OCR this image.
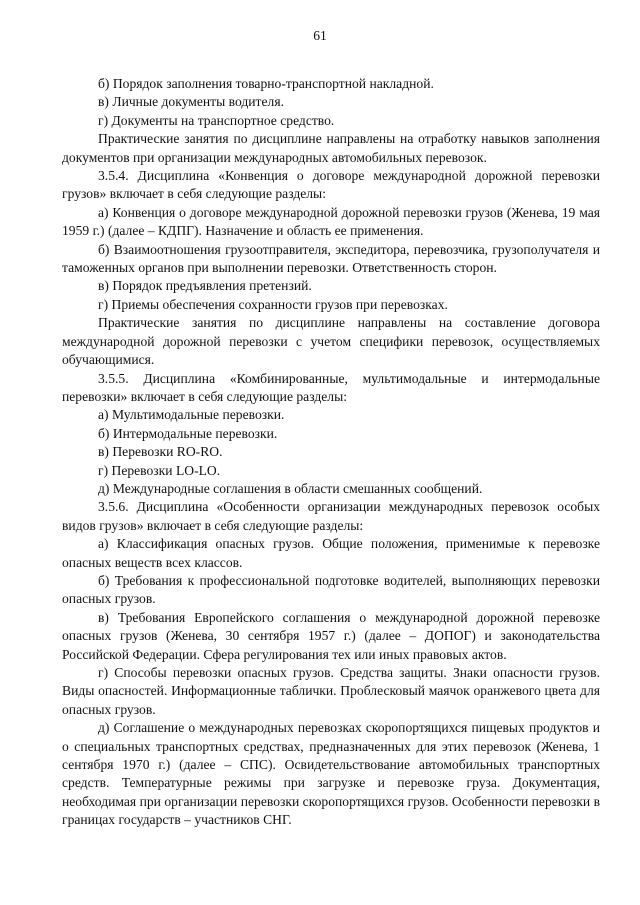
61

б) Порядок заполнения товарно-транспортной накладной.

в) Личные документы водителя.

г) Документы на транспортное средство.

Практические занятия по дисциплине направлены на отработку навыков заполнения документов при организации международных автомобильных перевозок.

3.5.4. Дисциплина «Конвенция о договоре международной дорожной перевозки грузов» включает в себя следующие разделы:

а) Конвенция о договоре международной дорожной перевозки грузов (Женева, 19 мая 1959 г.) (далее – КДПГ). Назначение и область ее применения.

б) Взаимоотношения грузоотправителя, экспедитора, перевозчика, грузополучателя и таможенных органов при выполнении перевозки. Ответственность сторон.

в) Порядок предъявления претензий.

г) Приемы обеспечения сохранности грузов при перевозках.

Практические занятия по дисциплине направлены на составление договора международной дорожной перевозки с учетом специфики перевозок, осуществляемых обучающимися.

3.5.5. Дисциплина «Комбинированные, мультимодальные и интермодальные перевозки» включает в себя следующие разделы:

а) Мультимодальные перевозки.

б) Интермодальные перевозки.

в) Перевозки RO-RO.

г) Перевозки LO-LO.

д) Международные соглашения в области смешанных сообщений.

3.5.6. Дисциплина «Особенности организации международных перевозок особых видов грузов» включает в себя следующие разделы:

а) Классификация опасных грузов. Общие положения, применимые к перевозке опасных веществ всех классов.

б) Требования к профессиональной подготовке водителей, выполняющих перевозки опасных грузов.

в) Требования Европейского соглашения о международной дорожной перевозке опасных грузов (Женева, 30 сентября 1957 г.) (далее – ДОПОГ) и законодательства Российской Федерации. Сфера регулирования тех или иных правовых актов.

г) Способы перевозки опасных грузов. Средства защиты. Знаки опасности грузов. Виды опасностей. Информационные таблички. Проблесковый маячок оранжевого цвета для опасных грузов.

д) Соглашение о международных перевозках скоропортящихся пищевых продуктов и о специальных транспортных средствах, предназначенных для этих перевозок (Женева, 1 сентября 1970 г.) (далее – СПС). Освидетельствование автомобильных транспортных средств. Температурные режимы при загрузке и перевозке груза. Документация, необходимая при организации перевозки скоропортящихся грузов. Особенности перевозки в границах государств – участников СНГ.
